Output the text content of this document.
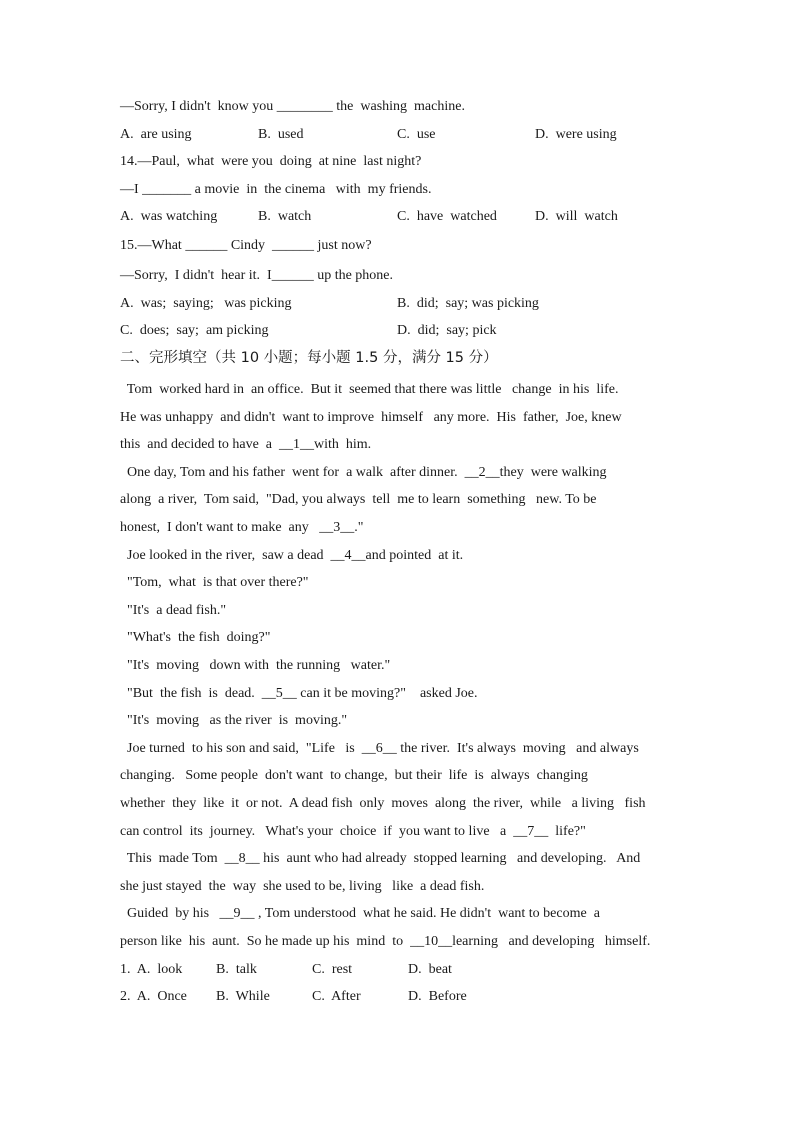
—Sorry, I didn't  know you ________ the  washing  machine.
A.  are using	B.  used	C.  use	D.  were using
14.—Paul,  what  were you  doing  at nine  last night?
—I _______ a movie  in  the cinema   with  my friends.
A.  was watching	B.  watch	C.  have  watched	D.  will  watch
15.—What ______ Cindy  ______ just now?
—Sorry,  I didn't  hear it.  I______ up the phone.
A.  was;  saying;   was picking	B.  did;  say; was picking
C.  does;  say;  am picking	D.  did;  say; pick
二、完形填空（共 10 小题；每小题 1.5 分，满分 15 分）
Tom  worked hard in  an office.  But it  seemed that there was little   change  in his  life.
He was unhappy  and didn't  want to improve  himself   any more.  His  father,  Joe, knew
this  and decided to have  a  __1__with  him.
One day, Tom and his father  went for  a walk  after dinner.  __2__they  were walking
along  a river,  Tom said,  "Dad, you always  tell  me to learn  something   new. To be
honest,  I don't want to make  any   __3__."
Joe looked in the river,  saw a dead  __4__and pointed  at it.
"Tom,  what  is that over there?"
"It's  a dead fish."
"What's  the fish  doing?"
"It's  moving   down with  the running   water."
"But  the fish  is  dead.  __5__ can it be moving?"    asked Joe.
"It's  moving   as the river  is  moving."
Joe turned  to his son and said,  "Life   is  __6__ the river.  It's always  moving   and always
changing.   Some people  don't want  to change,  but their  life  is  always  changing
whether  they  like  it  or not.  A dead fish  only  moves  along  the river,  while   a living   fish
can control  its  journey.   What's your  choice  if  you want to live   a  __7__  life?"
This  made Tom  __8__ his  aunt who had already  stopped learning   and developing.   And
she just stayed  the  way  she used to be, living   like  a dead fish.
Guided  by his   __9__ , Tom understood  what he said. He didn't  want to become  a
person like  his  aunt.  So he made up his  mind  to  __10__learning   and developing   himself.
1.  A.  look B.  talk	C.  rest	D.  beat
2.  A.  Once B.  While	C.  After	D.  Before
